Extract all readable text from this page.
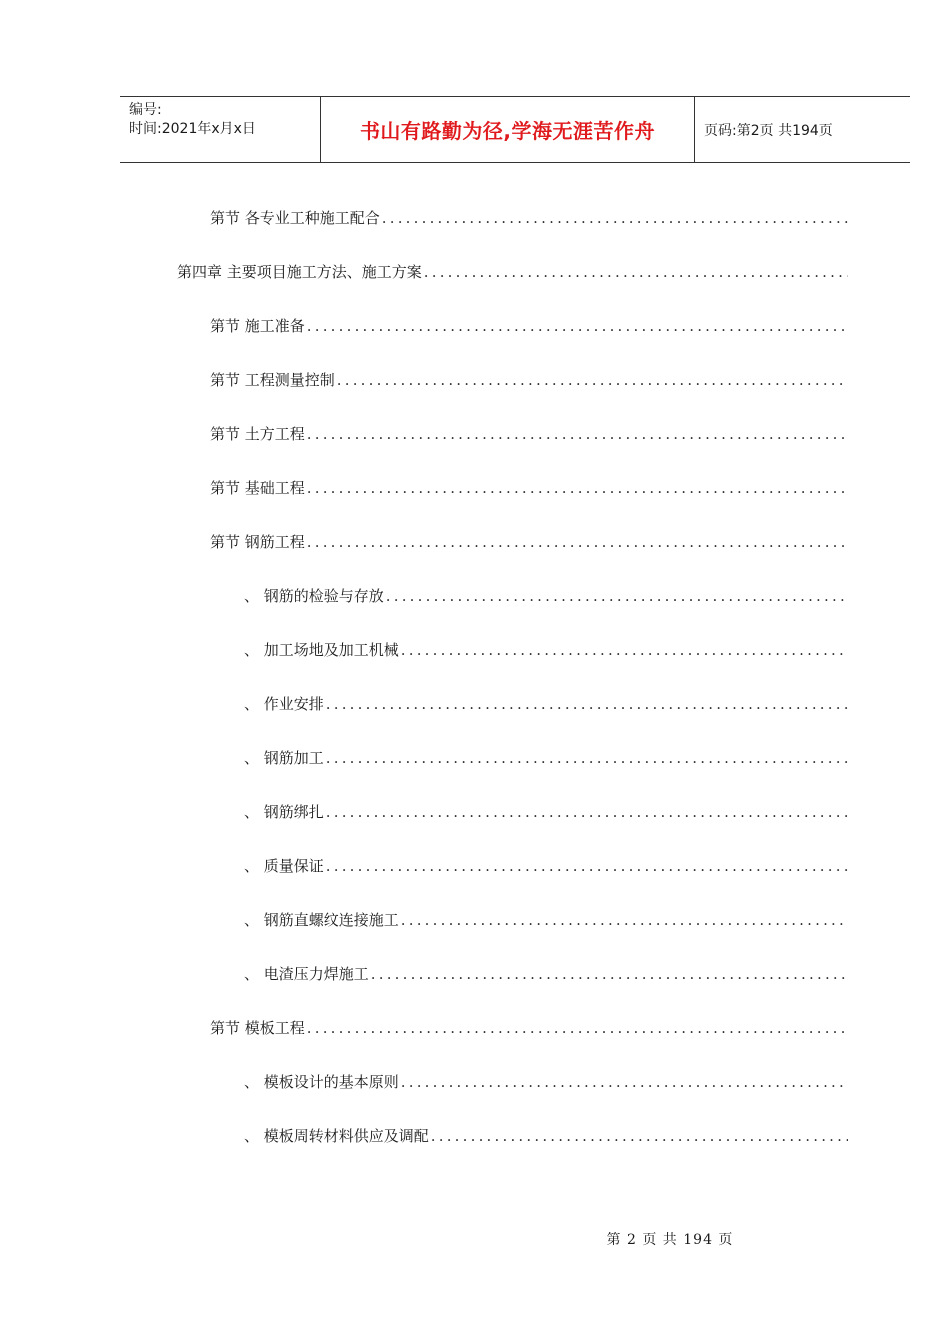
编号:
时间:2021年x月x日	书山有路勤为径,学海无涯苦作舟	页码:第2页 共194页
第节 各专业工种施工配合
.....
第四章 主要项目施工方法、施工方案
.....
第节 施工准备
.....
第节 工程测量控制
.....
第节 土方工程
.....
第节 基础工程
.....
第节 钢筋工程
.....
、 钢筋的检验与存放
.....
、 加工场地及加工机械
.....
、 作业安排
.....
、 钢筋加工
.....
、 钢筋绑扎
.....
、 质量保证
.....
、 钢筋直螺纹连接施工
.....
、 电渣压力焊施工
.....
第节 模板工程
.....
、 模板设计的基本原则
.....
、 模板周转材料供应及调配
.....
第 2 页 共 194 页
